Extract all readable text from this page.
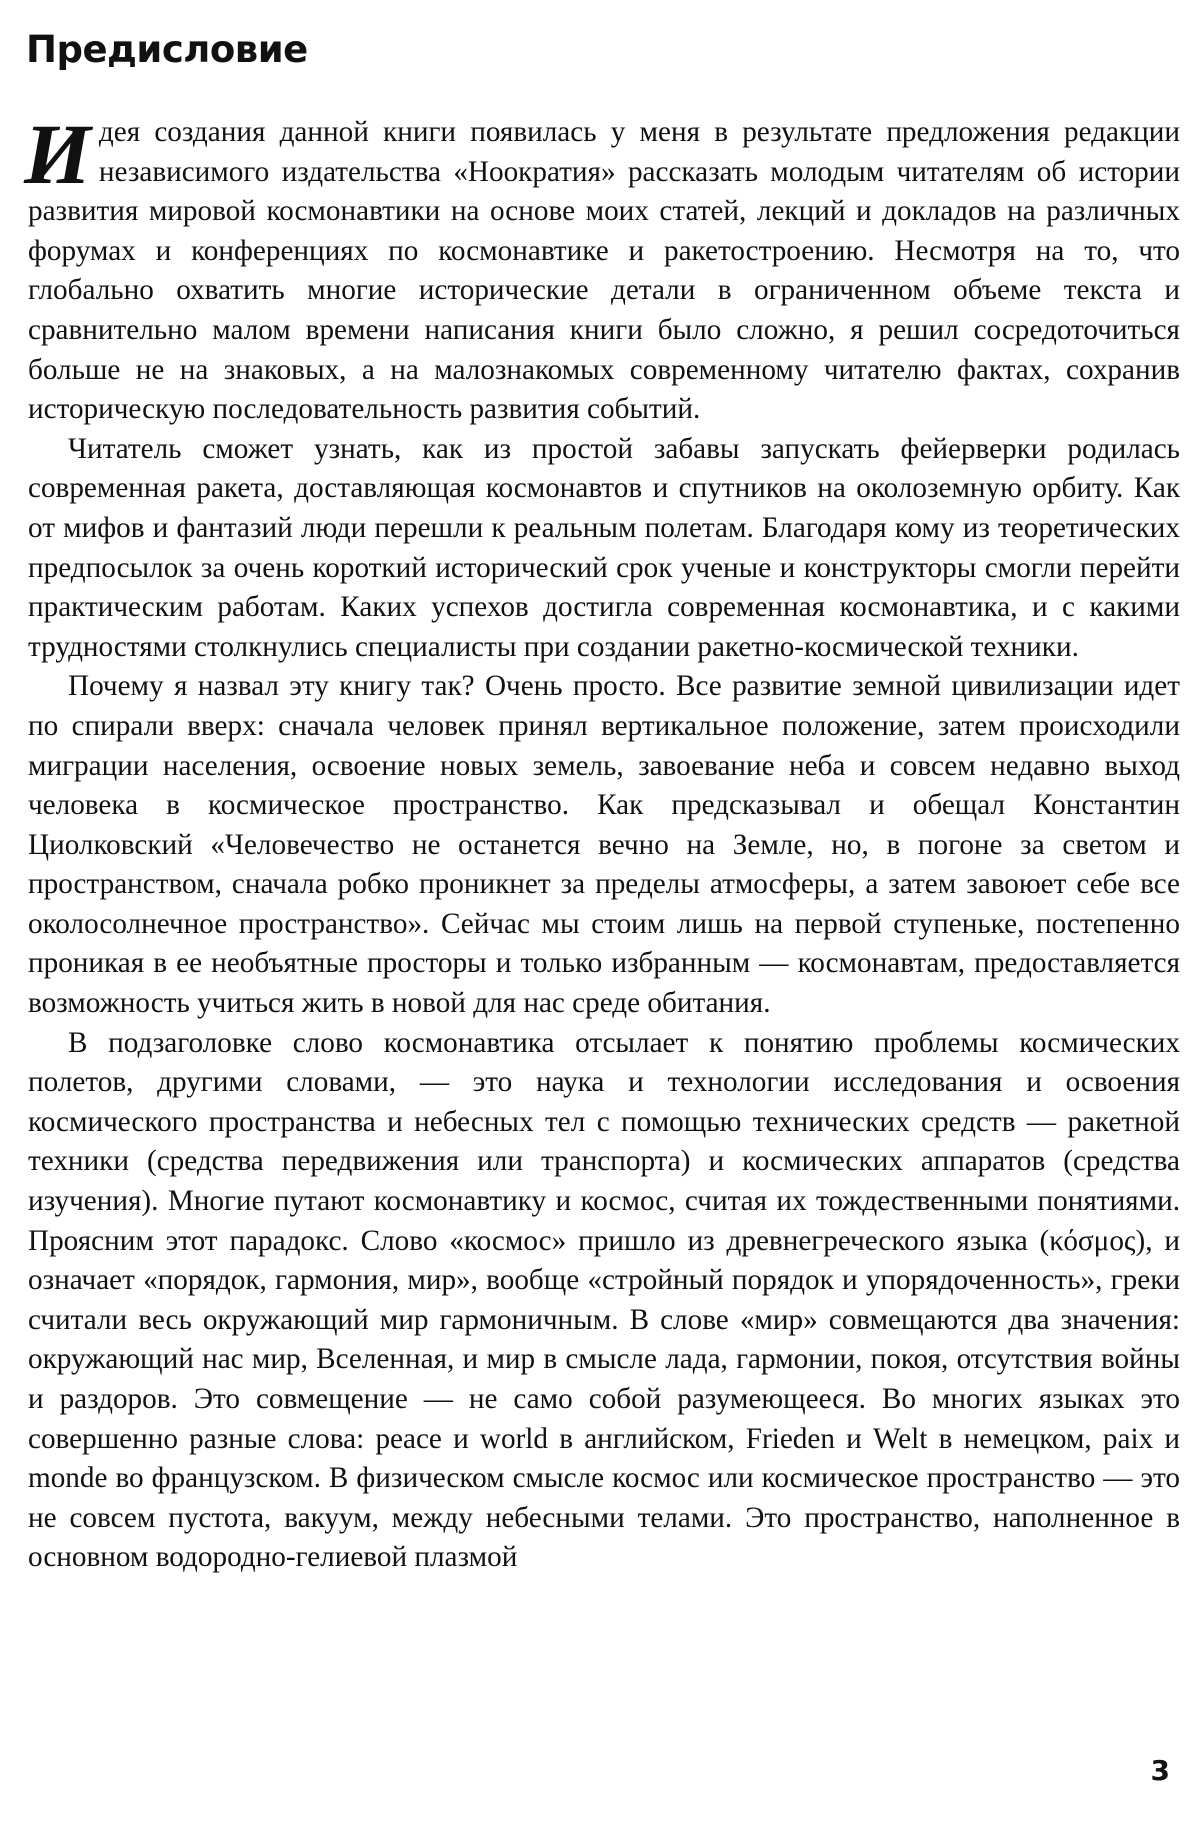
Предисловие

Идея создания данной книги появилась у меня в результате предложения редакции независимого издательства «Ноократия» рассказать молодым читателям об истории развития мировой космонавтики на основе моих статей, лекций и докладов на различных форумах и конференциях по космонавтике и ракетостроению. Несмотря на то, что глобально охватить многие исторические детали в ограниченном объеме текста и сравнительно малом времени написания книги было сложно, я решил сосредоточиться больше не на знаковых, а на малознакомых современному читателю фактах, сохранив историческую последовательность развития событий.

Читатель сможет узнать, как из простой забавы запускать фейерверки родилась современная ракета, доставляющая космонавтов и спутников на околоземную орбиту. Как от мифов и фантазий люди перешли к реальным полетам. Благодаря кому из теоретических предпосылок за очень короткий исторический срок ученые и конструкторы смогли перейти практическим работам. Каких успехов достигла современная космонавтика, и с какими трудностями столкнулись специалисты при создании ракетно-космической техники.

Почему я назвал эту книгу так? Очень просто. Все развитие земной цивилизации идет по спирали вверх: сначала человек принял вертикальное положение, затем происходили миграции населения, освоение новых земель, завоевание неба и совсем недавно выход человека в космическое пространство. Как предсказывал и обещал Константин Циолковский «Человечество не останется вечно на Земле, но, в погоне за светом и пространством, сначала робко проникнет за пределы атмосферы, а затем завоюет себе все околосолнечное пространство». Сейчас мы стоим лишь на первой ступеньке, постепенно проникая в ее необъятные просторы и только избранным — космонавтам, предоставляется возможность учиться жить в новой для нас среде обитания.

В подзаголовке слово космонавтика отсылает к понятию проблемы космических полетов, другими словами, — это наука и технологии исследования и освоения космического пространства и небесных тел с помощью технических средств — ракетной техники (средства передвижения или транспорта) и космических аппаратов (средства изучения). Многие путают космонавтику и космос, считая их тождественными понятиями. Проясним этот парадокс. Слово «космос» пришло из древнегреческого языка (κόσμος), и означает «порядок, гармония, мир», вообще «стройный порядок и упорядоченность», греки считали весь окружающий мир гармоничным. В слове «мир» совмещаются два значения: окружающий нас мир, Вселенная, и мир в смысле лада, гармонии, покоя, отсутствия войны и раздоров. Это совмещение — не само собой разумеющееся. Во многих языках это совершенно разные слова: peace и world в английском, Frieden и Welt в немецком, paix и monde во французском. В физическом смысле космос или космическое пространство — это не совсем пустота, вакуум, между небесными телами. Это пространство, наполненное в основном водородно-гелиевой плазмой

3
